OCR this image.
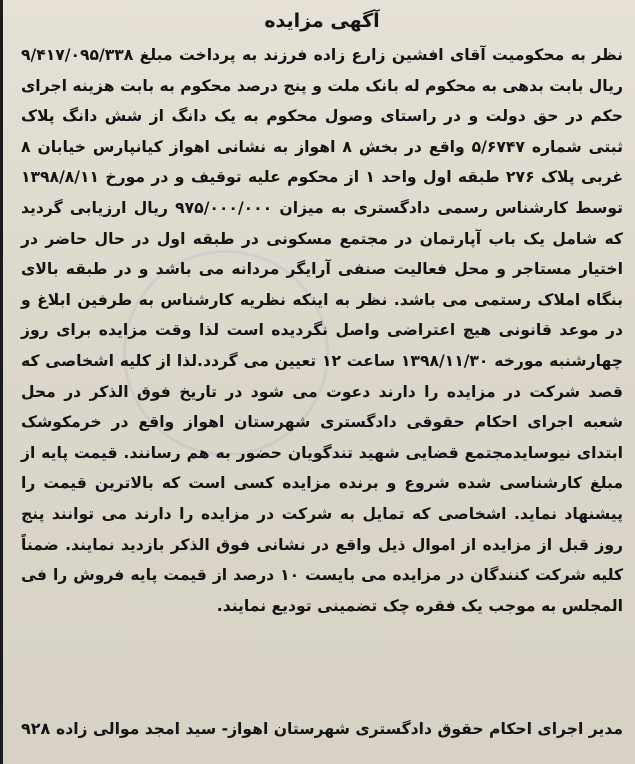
آگهی مزایده

نظر به محکومیت آقای افشین زارع زاده فرزند به پرداخت مبلغ ۹/۴۱۷/۰۹۵/۳۳۸ ریال بابت بدهی به محکوم له بانک ملت و پنج درصد محکوم به بابت هزینه اجرای حکم در حق دولت و در راستای وصول محکوم به یک دانگ از شش دانگ پلاک ثبتی شماره ۵/۶۷۴۷ واقع در بخش ۸ اهواز به نشانی اهواز کیانپارس خیابان ۸ غربی پلاک ۲۷۶ طبقه اول واحد ۱ از محکوم علیه توقیف و در مورخ ۱۳۹۸/۸/۱۱ توسط کارشناس رسمی دادگستری به میزان ۹۷۵/۰۰۰/۰۰۰ ریال ارزیابی گردید که شامل یک باب آپارتمان در مجتمع مسکونی در طبقه اول در حال حاضر در اختیار مستاجر و محل فعالیت صنفی آرایگر مردانه می باشد و در طبقه بالای بنگاه املاک رستمی می باشد. نظر به اینکه نظریه کارشناس به طرفین ابلاغ و در موعد قانونی هیچ اعتراضی واصل نگردیده است لذا وقت مزایده برای روز چهارشنبه مورخه ۱۳۹۸/۱۱/۳۰ ساعت ۱۲ تعیین می گردد.لذا از کلیه اشخاصی که قصد شرکت در مزایده را دارند دعوت می شود در تاریخ فوق الذکر در محل شعبه اجرای احکام حقوقی دادگستری شهرستان اهواز واقع در خرمکوشک ابتدای نیوسایدمجتمع قضایی شهید تندگویان حضور به هم رسانند. قیمت پایه از مبلغ کارشناسی شده شروع و برنده مزایده کسی است که بالاترین قیمت را پیشنهاد نماید. اشخاصی که تمایل به شرکت در مزایده را دارند می توانند پنج روز قبل از مزایده از اموال ذیل واقع در نشانی فوق الذکر بازدید نمایند. ضمناً کلیه شرکت کنندگان در مزایده می بایست ۱۰ درصد از قیمت پایه فروش را فی المجلس به موجب یک فقره چک تضمینی توديع نمایند.

مدیر اجرای احکام حقوق دادگستری شهرستان اهواز- سید امجد موالی زاده
۹۲۸
